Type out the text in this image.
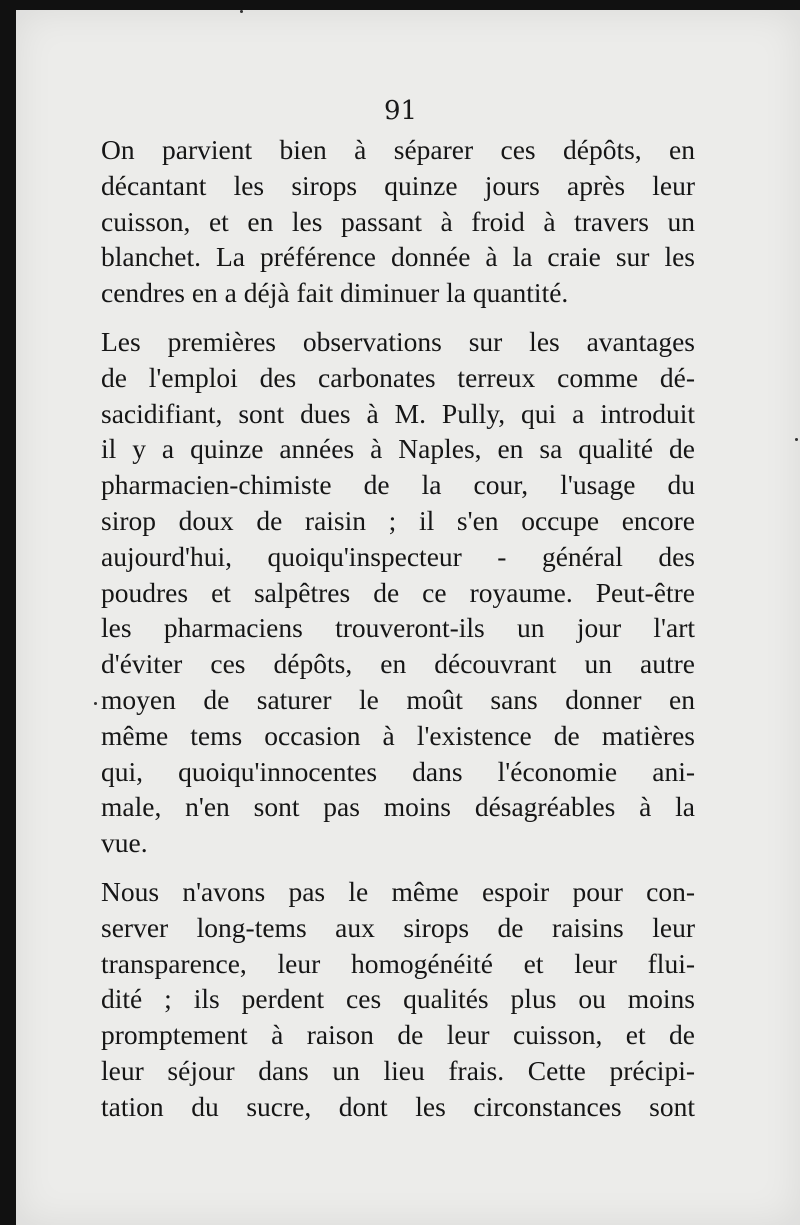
91
On parvient bien à séparer ces dépôts, en
décantant les sirops quinze jours après leur
cuisson, et en les passant à froid à travers un
blanchet. La préférence donnée à la craie sur les
cendres en a déjà fait diminuer la quantité.
Les premières observations sur les avantages
de l'emploi des carbonates terreux comme dé-
sacidifiant, sont dues à M. Pully, qui a introduit
il y a quinze années à Naples, en sa qualité de
pharmacien-chimiste de la cour, l'usage du
sirop doux de raisin ; il s'en occupe encore
aujourd'hui, quoiqu'inspecteur - général des
poudres et salpêtres de ce royaume. Peut-être
les pharmaciens trouveront-ils un jour l'art
d'éviter ces dépôts, en découvrant un autre
moyen de saturer le moût sans donner en
même tems occasion à l'existence de matières
qui, quoiqu'innocentes dans l'économie ani-
male, n'en sont pas moins désagréables à la
vue.
Nous n'avons pas le même espoir pour con-
server long-tems aux sirops de raisins leur
transparence, leur homogénéité et leur flui-
dité ; ils perdent ces qualités plus ou moins
promptement à raison de leur cuisson, et de
leur séjour dans un lieu frais. Cette précipi-
tation du sucre, dont les circonstances sont
